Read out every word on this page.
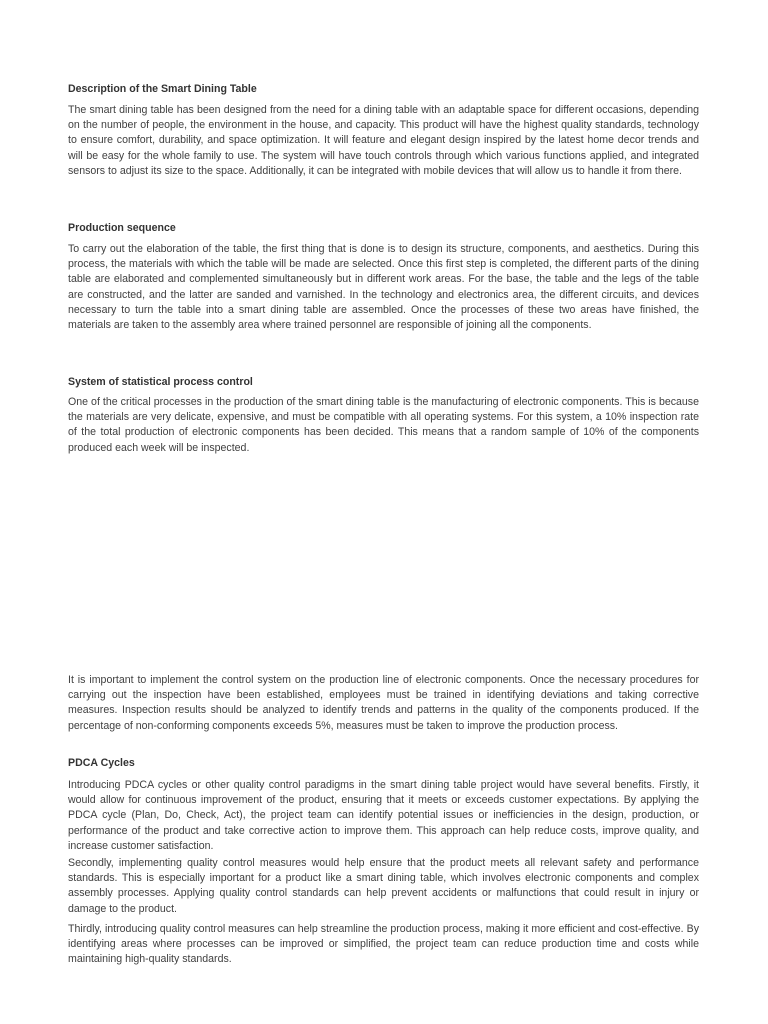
Description of the Smart Dining Table

The smart dining table has been designed from the need for a dining table with an adaptable space for different occasions, depending on the number of people, the environment in the house, and capacity. This product will have the highest quality standards, technology to ensure comfort, durability, and space optimization. It will feature and elegant design inspired by the latest home decor trends and will be easy for the whole family to use. The system will have touch controls through which various functions applied, and integrated sensors to adjust its size to the space. Additionally, it can be integrated with mobile devices that will allow us to handle it from there.

Production sequence

To carry out the elaboration of the table, the first thing that is done is to design its structure, components, and aesthetics. During this process, the materials with which the table will be made are selected. Once this first step is completed, the different parts of the dining table are elaborated and complemented simultaneously but in different work areas. For the base, the table and the legs of the table are constructed, and the latter are sanded and varnished. In the technology and electronics area, the different circuits, and devices necessary to turn the table into a smart dining table are assembled. Once the processes of these two areas have finished, the materials are taken to the assembly area where trained personnel are responsible of joining all the components.

System of statistical process control

One of the critical processes in the production of the smart dining table is the manufacturing of electronic components. This is because the materials are very delicate, expensive, and must be compatible with all operating systems. For this system, a 10% inspection rate of the total production of electronic components has been decided. This means that a random sample of 10% of the components produced each week will be inspected.

It is important to implement the control system on the production line of electronic components. Once the necessary procedures for carrying out the inspection have been established, employees must be trained in identifying deviations and taking corrective measures. Inspection results should be analyzed to identify trends and patterns in the quality of the components produced. If the percentage of non-conforming components exceeds 5%, measures must be taken to improve the production process.

PDCA Cycles

Introducing PDCA cycles or other quality control paradigms in the smart dining table project would have several benefits. Firstly, it would allow for continuous improvement of the product, ensuring that it meets or exceeds customer expectations. By applying the PDCA cycle (Plan, Do, Check, Act), the project team can identify potential issues or inefficiencies in the design, production, or performance of the product and take corrective action to improve them. This approach can help reduce costs, improve quality, and increase customer satisfaction.

Secondly, implementing quality control measures would help ensure that the product meets all relevant safety and performance standards. This is especially important for a product like a smart dining table, which involves electronic components and complex assembly processes. Applying quality control standards can help prevent accidents or malfunctions that could result in injury or damage to the product.

Thirdly, introducing quality control measures can help streamline the production process, making it more efficient and cost-effective. By identifying areas where processes can be improved or simplified, the project team can reduce production time and costs while maintaining high-quality standards.
